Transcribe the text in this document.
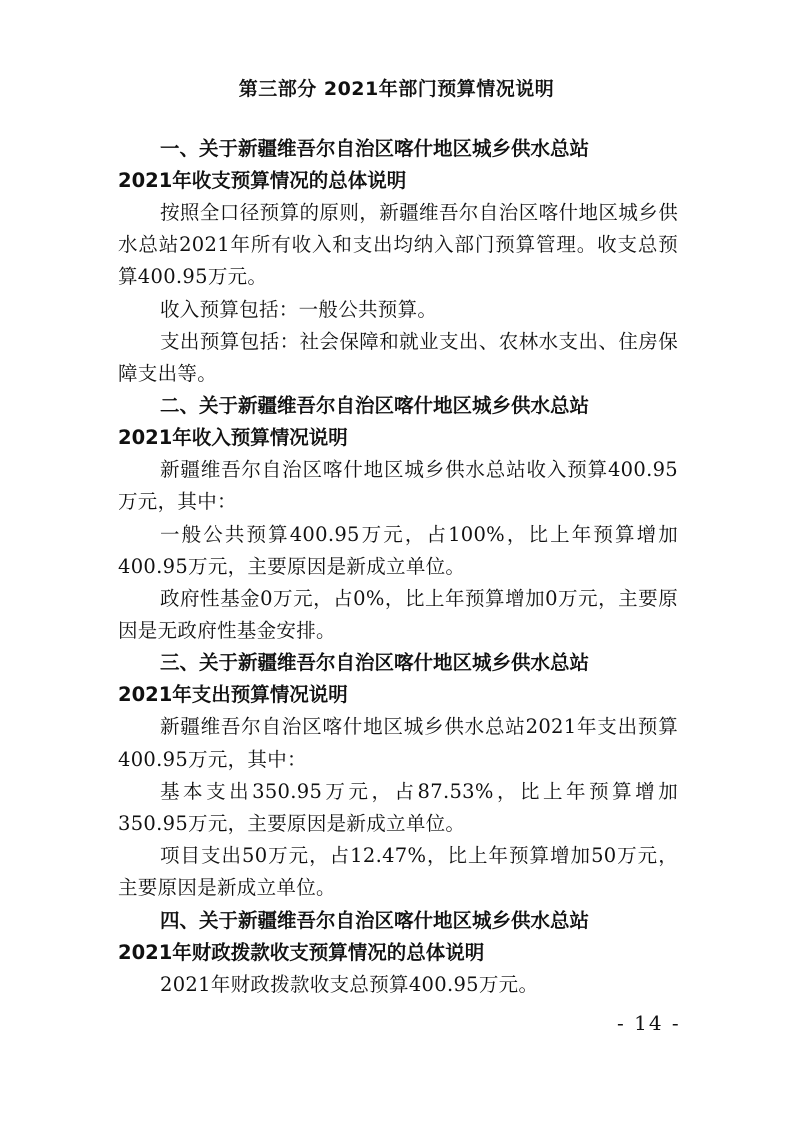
第三部分 2021年部门预算情况说明

一、关于新疆维吾尔自治区喀什地区城乡供水总站
2021年收支预算情况的总体说明

按照全口径预算的原则，新疆维吾尔自治区喀什地区城乡供水总站2021年所有收入和支出均纳入部门预算管理。收支总预算400.95万元。

收入预算包括：一般公共预算。

支出预算包括：社会保障和就业支出、农林水支出、住房保障支出等。

二、关于新疆维吾尔自治区喀什地区城乡供水总站
2021年收入预算情况说明

新疆维吾尔自治区喀什地区城乡供水总站收入预算400.95万元，其中：

一般公共预算400.95万元，占100%，比上年预算增加400.95万元，主要原因是新成立单位。

政府性基金0万元，占0%，比上年预算增加0万元，主要原因是无政府性基金安排。

三、关于新疆维吾尔自治区喀什地区城乡供水总站
2021年支出预算情况说明

新疆维吾尔自治区喀什地区城乡供水总站2021年支出预算400.95万元，其中：

基本支出350.95万元，占87.53%，比上年预算增加350.95万元，主要原因是新成立单位。

项目支出50万元，占12.47%，比上年预算增加50万元，主要原因是新成立单位。

四、关于新疆维吾尔自治区喀什地区城乡供水总站
2021年财政拨款收支预算情况的总体说明

2021年财政拨款收支总预算400.95万元。

- 14 -
